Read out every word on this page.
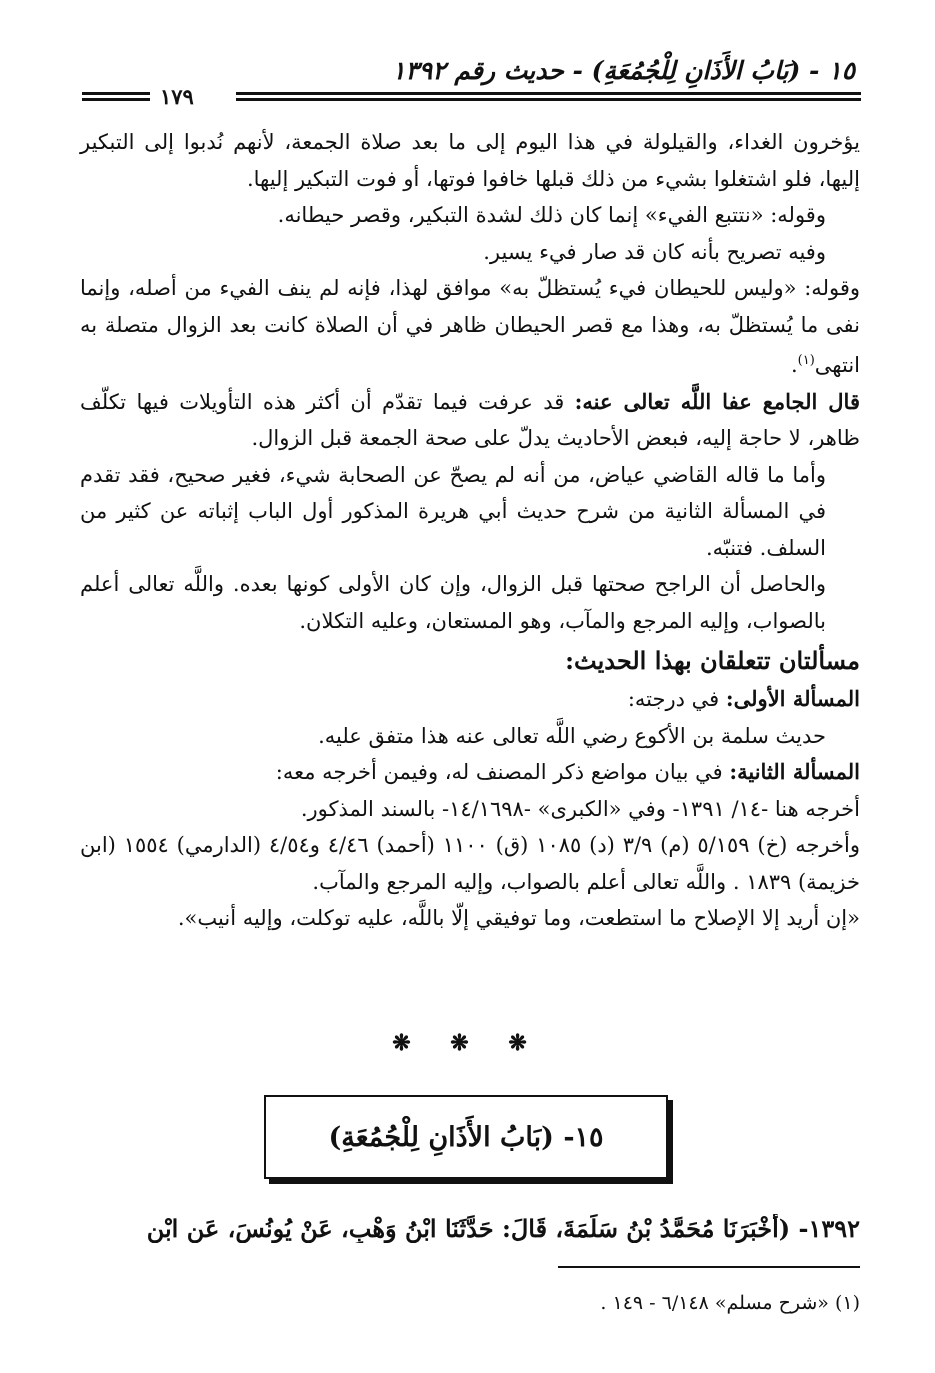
١٥ - (بَابُ الأَذَانِ لِلْجُمُعَةِ) - حديث رقم ١٣٩٢
١٧٩

يؤخرون الغداء، والقيلولة في هذا اليوم إلى ما بعد صلاة الجمعة، لأنهم نُدبوا إلى التبكير إليها، فلو اشتغلوا بشيء من ذلك قبلها خافوا فوتها، أو فوت التبكير إليها.

وقوله: «نتتبع الفيء» إنما كان ذلك لشدة التبكير، وقصر حيطانه.

وفيه تصريح بأنه كان قد صار فيء يسير.

وقوله: «وليس للحيطان فيء يُستظلّ به» موافق لهذا، فإنه لم ينف الفيء من أصله، وإنما نفى ما يُستظلّ به، وهذا مع قصر الحيطان ظاهر في أن الصلاة كانت بعد الزوال متصلة به انتهى$^{(١)}$.

قال الجامع عفا اللَّه تعالى عنه: قد عرفت فيما تقدّم أن أكثر هذه التأويلات فيها تكلّف ظاهر، لا حاجة إليه، فبعض الأحاديث يدلّ على صحة الجمعة قبل الزوال.

وأما ما قاله القاضي عياض، من أنه لم يصحّ عن الصحابة شيء، فغير صحيح، فقد تقدم في المسألة الثانية من شرح حديث أبي هريرة المذكور أول الباب إثباته عن كثير من السلف. فتنبّه.

والحاصل أن الراجح صحتها قبل الزوال، وإن كان الأولى كونها بعده. واللَّه تعالى أعلم بالصواب، وإليه المرجع والمآب، وهو المستعان، وعليه التكلان.

مسألتان تتعلقان بهذا الحديث:

المسألة الأولى: في درجته:

حديث سلمة بن الأكوع رضي اللَّه تعالى عنه هذا متفق عليه.

المسألة الثانية: في بيان مواضع ذكر المصنف له، وفيمن أخرجه معه:

أخرجه هنا -١٤/ ١٣٩١- وفي «الكبرى» -١٤/١٦٩٨- بالسند المذكور.

وأخرجه (خ) ٥/١٥٩ (م) ٣/٩ (د) ١٠٨٥ (ق) ١١٠٠ (أحمد) ٤/٤٦ و٤/٥٤ (الدارمي) ١٥٥٤ (ابن خزيمة) ١٨٣٩ . واللَّه تعالى أعلم بالصواب، وإليه المرجع والمآب.

«إن أريد إلا الإصلاح ما استطعت، وما توفيقي إلّا باللَّه، عليه توكلت، وإليه أنيب».

❋ ❋ ❋
١٥- (بَابُ الأَذَانِ لِلْجُمُعَةِ)
١٣٩٢- (أَخْبَرَنَا مُحَمَّدُ بْنُ سَلَمَةَ، قَالَ: حَدَّثَنَا ابْنُ وَهْبٍ، عَنْ يُونُسَ، عَنِ ابْنِ
(١) «شرح مسلم» ٦/١٤٨ - ١٤٩ .
